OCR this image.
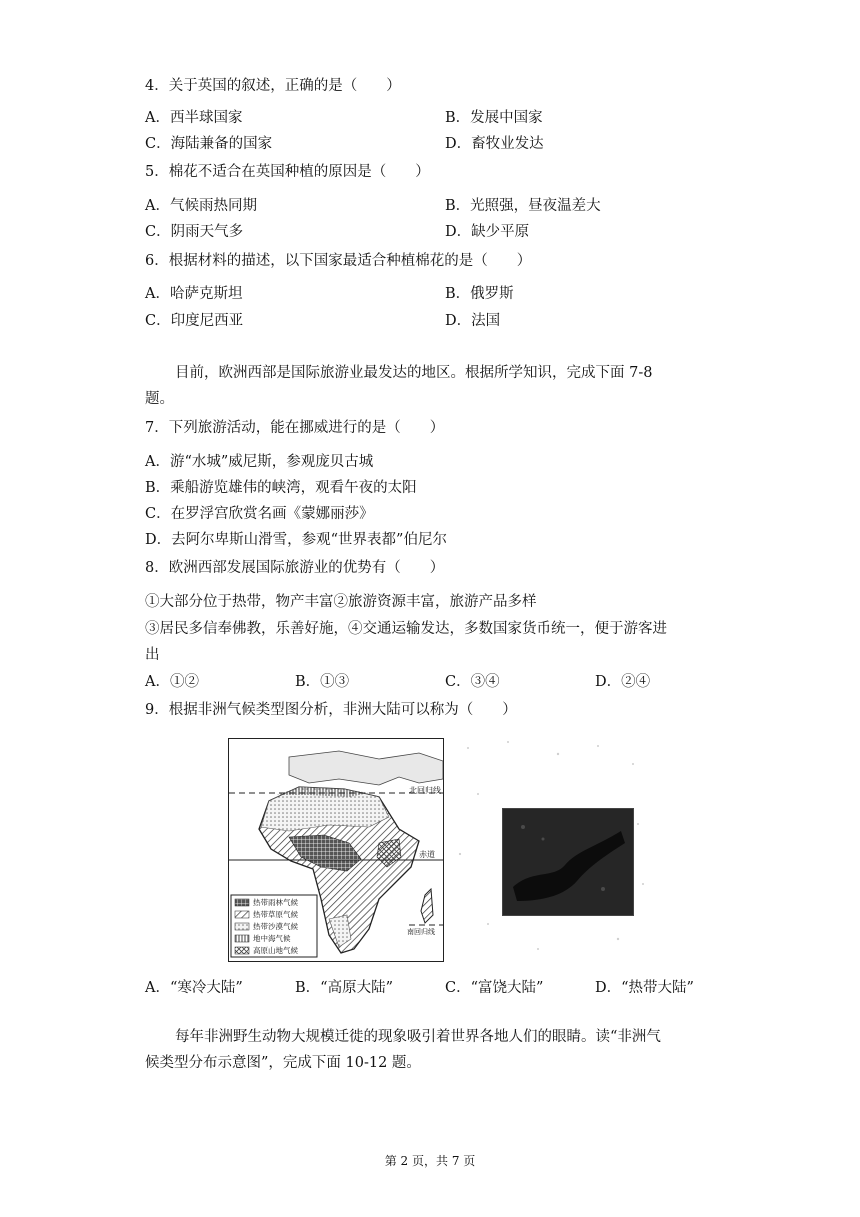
4．关于英国的叙述，正确的是（　　）
A．西半球国家	B．发展中国家
C．海陆兼备的国家	D．畜牧业发达
5．棉花不适合在英国种植的原因是（　　）
A．气候雨热同期	B．光照强，昼夜温差大
C．阴雨天气多	D．缺少平原
6．根据材料的描述，以下国家最适合种植棉花的是（　　）
A．哈萨克斯坦	B．俄罗斯
C．印度尼西亚	D．法国
目前，欧洲西部是国际旅游业最发达的地区。根据所学知识，完成下面 7-8
题。
7．下列旅游活动，能在挪威进行的是（　　）
A．游“水城”威尼斯，参观庞贝古城
B．乘船游览雄伟的峡湾，观看午夜的太阳
C．在罗浮宫欣赏名画《蒙娜丽莎》
D．去阿尔卑斯山滑雪，参观“世界表都”伯尼尔
8．欧洲西部发展国际旅游业的优势有（　　）
①大部分位于热带，物产丰富②旅游资源丰富，旅游产品多样
③居民多信奉佛教，乐善好施，④交通运输发达，多数国家货币统一，便于游客进
出
A．①②	B．①③	C．③④	D．②④
9．根据非洲气候类型图分析，非洲大陆可以称为（　　）
北回归线
赤道
南回归线
热带雨林气候
热带草原气候
热带沙漠气候
地中海气候
高原山地气候
A．“寒冷大陆”	B．“高原大陆”	C．“富饶大陆”	D．“热带大陆”
每年非洲野生动物大规模迁徙的现象吸引着世界各地人们的眼睛。读“非洲气
候类型分布示意图”，完成下面 10-12 题。
第 2 页，共 7 页
